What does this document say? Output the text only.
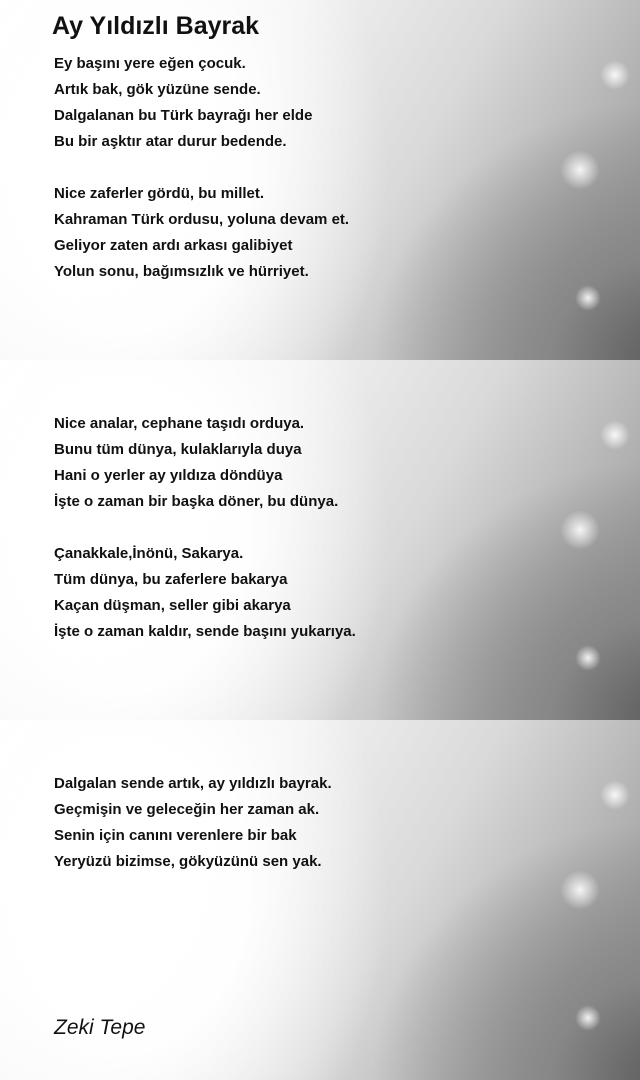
Ay Yıldızlı Bayrak
Ey başını yere eğen çocuk.
Artık bak, gök yüzüne sende.
Dalgalanan bu Türk bayrağı her elde
Bu bir aşktır atar durur bedende.
Nice zaferler gördü, bu millet.
Kahraman Türk ordusu, yoluna devam et.
Geliyor zaten ardı arkası galibiyet
Yolun sonu, bağımsızlık ve hürriyet.
Nice analar, cephane taşıdı orduya.
Bunu tüm dünya, kulaklarıyla duya
Hani o yerler ay yıldıza döndüya
İşte o zaman bir başka döner, bu dünya.
Çanakkale,İnönü, Sakarya.
Tüm dünya, bu zaferlere bakarya
Kaçan düşman, seller gibi akarya
İşte o zaman kaldır, sende başını yukarıya.
Dalgalan sende artık, ay yıldızlı bayrak.
Geçmişin ve geleceğin her zaman ak.
Senin için canını verenlere bir bak
Yeryüzü bizimse, gökyüzünü sen yak.
Zeki Tepe
